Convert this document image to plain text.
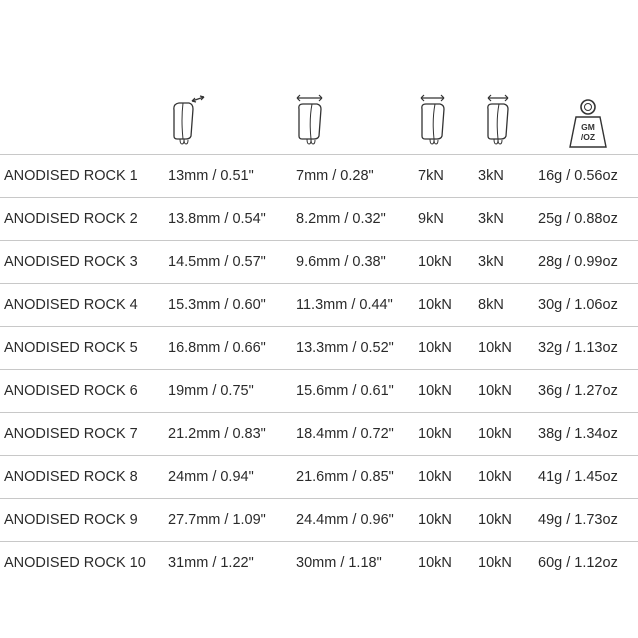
GM
/OZ
ANODISED ROCK 1 13mm / 0.51"	7mm / 0.28"	7kN 3kN 16g / 0.56oz
ANODISED ROCK 2 13.8mm / 0.54" 8.2mm / 0.32" 9kN 3kN 25g / 0.88oz
ANODISED ROCK 3 14.5mm / 0.57" 9.6mm / 0.38" 10kN 3kN 28g / 0.99oz
ANODISED ROCK 4 15.3mm / 0.60" 11.3mm / 0.44" 10kN 8kN 30g / 1.06oz
ANODISED ROCK 5 16.8mm / 0.66" 13.3mm / 0.52" 10kN 10kN 32g / 1.13oz
ANODISED ROCK 6 19mm / 0.75"	15.6mm / 0.61" 10kN 10kN 36g / 1.27oz
ANODISED ROCK 7 21.2mm / 0.83" 18.4mm / 0.72" 10kN 10kN 38g / 1.34oz
ANODISED ROCK 8 24mm / 0.94"	21.6mm / 0.85" 10kN 10kN 41g / 1.45oz
ANODISED ROCK 9 27.7mm / 1.09" 24.4mm / 0.96" 10kN 10kN 49g / 1.73oz
ANODISED ROCK 10 31mm / 1.22"	30mm / 1.18"	10kN 10kN 60g / 1.12oz
